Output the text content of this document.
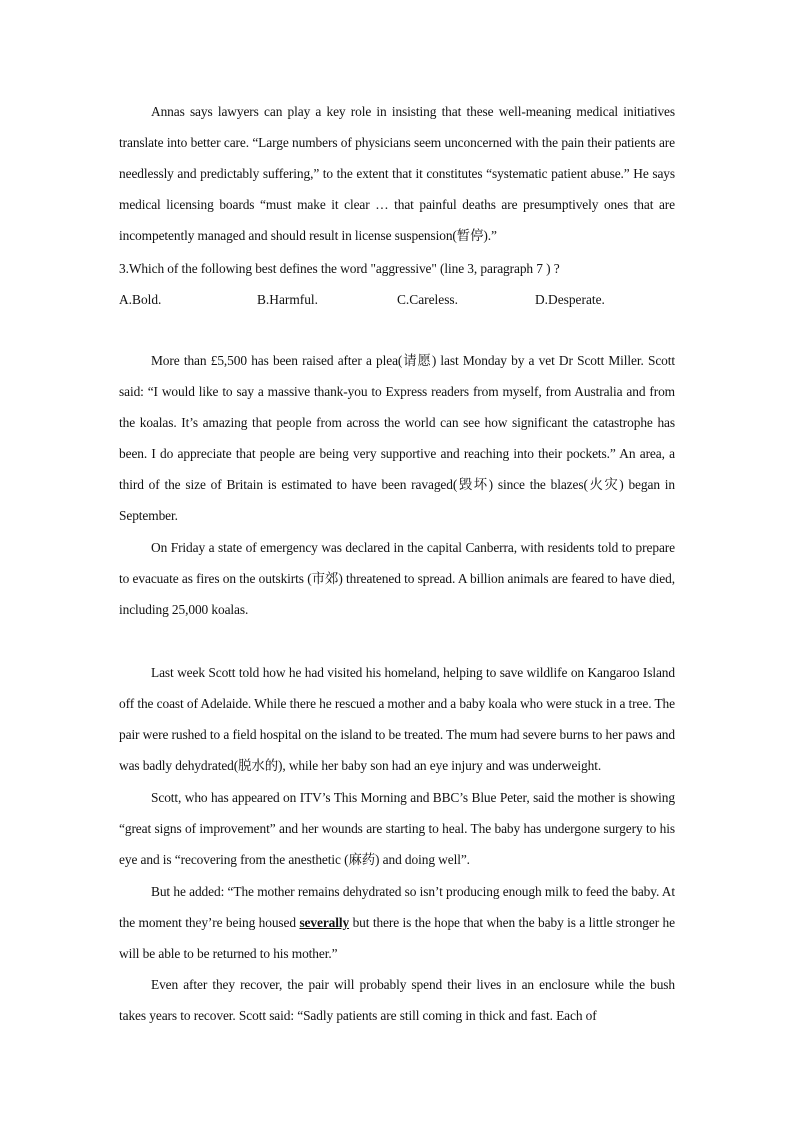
Annas says lawyers can play a key role in insisting that these well-meaning medical initiatives translate into better care. “Large numbers of physicians seem unconcerned with the pain their patients are needlessly and predictably suffering,” to the extent that it constitutes “systematic patient abuse.” He says medical licensing boards “must make it clear … that painful deaths are presumptively ones that are incompetently managed and should result in license suspension(暂停).”

3.Which of the following best defines the word "aggressive" (line 3, paragraph 7 ) ?

A.Bold.	B.Harmful.	C.Careless.	D.Desperate.

More than £5,500 has been raised after a plea(请愿) last Monday by a vet Dr Scott Miller. Scott said: “I would like to say a massive thank-you to Express readers from myself, from Australia and from the koalas. It’s amazing that people from across the world can see how significant the catastrophe has been. I do appreciate that people are being very supportive and reaching into their pockets.” An area, a third of the size of Britain is estimated to have been ravaged(毁坏) since the blazes(火灾) began in September.

On Friday a state of emergency was declared in the capital Canberra, with residents told to prepare to evacuate as fires on the outskirts (市郊) threatened to spread. A billion animals are feared to have died, including 25,000 koalas.

Last week Scott told how he had visited his homeland, helping to save wildlife on Kangaroo Island off the coast of Adelaide. While there he rescued a mother and a baby koala who were stuck in a tree. The pair were rushed to a field hospital on the island to be treated. The mum had severe burns to her paws and was badly dehydrated(脱水的), while her baby son had an eye injury and was underweight.

Scott, who has appeared on ITV’s This Morning and BBC’s Blue Peter, said the mother is showing “great signs of improvement” and her wounds are starting to heal. The baby has undergone surgery to his eye and is “recovering from the anesthetic (麻药) and doing well”.

But he added: “The mother remains dehydrated so isn’t producing enough milk to feed the baby. At the moment they’re being housed severally but there is the hope that when the baby is a little stronger he will be able to be returned to his mother.”

Even after they recover, the pair will probably spend their lives in an enclosure while the bush takes years to recover. Scott said: “Sadly patients are still coming in thick and fast. Each of
